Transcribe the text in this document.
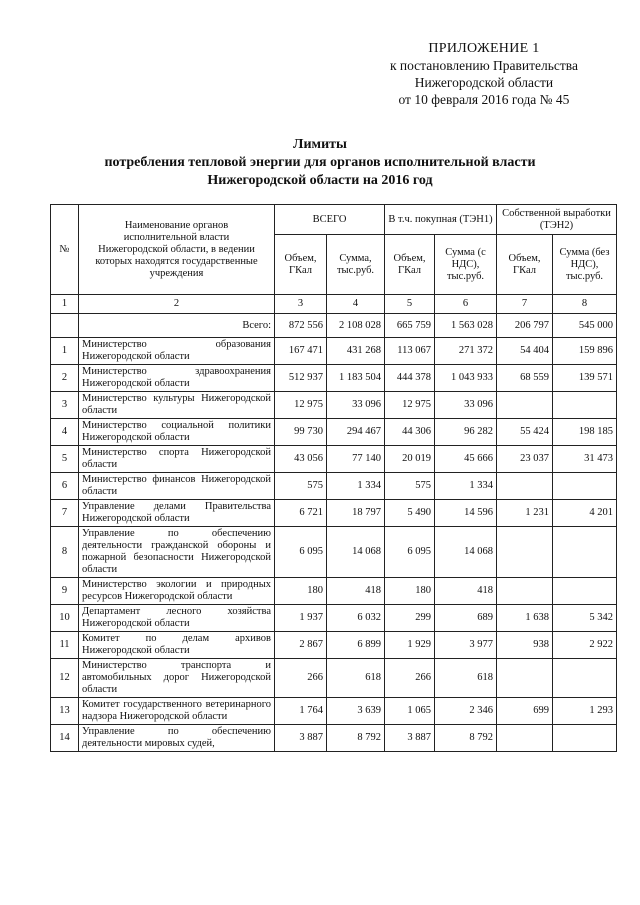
ПРИЛОЖЕНИЕ 1
к постановлению Правительства
Нижегородской области
от 10 февраля 2016 года № 45
Лимиты
потребления тепловой энергии для органов исполнительной власти
Нижегородской области на 2016 год
№	Наименование органов исполнительной власти Нижегородской области, в ведении которых находятся государственные учреждения	ВСЕГО		В т.ч. покупная (ТЭН1)		Собственной выработки (ТЭН2)	
		Объем, ГКал	Сумма, тыс.руб.	Объем, ГКал	Сумма (с НДС), тыс.руб.	Объем, ГКал	Сумма (без НДС), тыс.руб.
1	2	3	4	5	6	7	8
	Всего:	872 556	2 108 028	665 759	1 563 028	206 797	545 000
1	Министерство образования Нижегородской области	167 471	431 268	113 067	271 372	54 404	159 896
2	Министерство здравоохранения Нижегородской области	512 937	1 183 504	444 378	1 043 933	68 559	139 571
3	Министерство культуры Нижегородской области	12 975	33 096	12 975	33 096		
4	Министерство социальной политики Нижегородской области	99 730	294 467	44 306	96 282	55 424	198 185
5	Министерство спорта Нижегородской области	43 056	77 140	20 019	45 666	23 037	31 473
6	Министерство финансов Нижегородской области	575	1 334	575	1 334		
7	Управление делами Правительства Нижегородской области	6 721	18 797	5 490	14 596	1 231	4 201
8	Управление по обеспечению деятельности гражданской обороны и пожарной безопасности Нижегородской области	6 095	14 068	6 095	14 068		
9	Министерство экологии и природных ресурсов Нижегородской области	180	418	180	418		
10	Департамент лесного хозяйства Нижегородской области	1 937	6 032	299	689	1 638	5 342
11	Комитет по делам архивов Нижегородской области	2 867	6 899	1 929	3 977	938	2 922
12	Министерство транспорта и автомобильных дорог Нижегородской области	266	618	266	618		
13	Комитет государственного ветеринарного надзора Нижегородской области	1 764	3 639	1 065	2 346	699	1 293
14	Управление по обеспечению деятельности мировых судей,	3 887	8 792	3 887	8 792		
